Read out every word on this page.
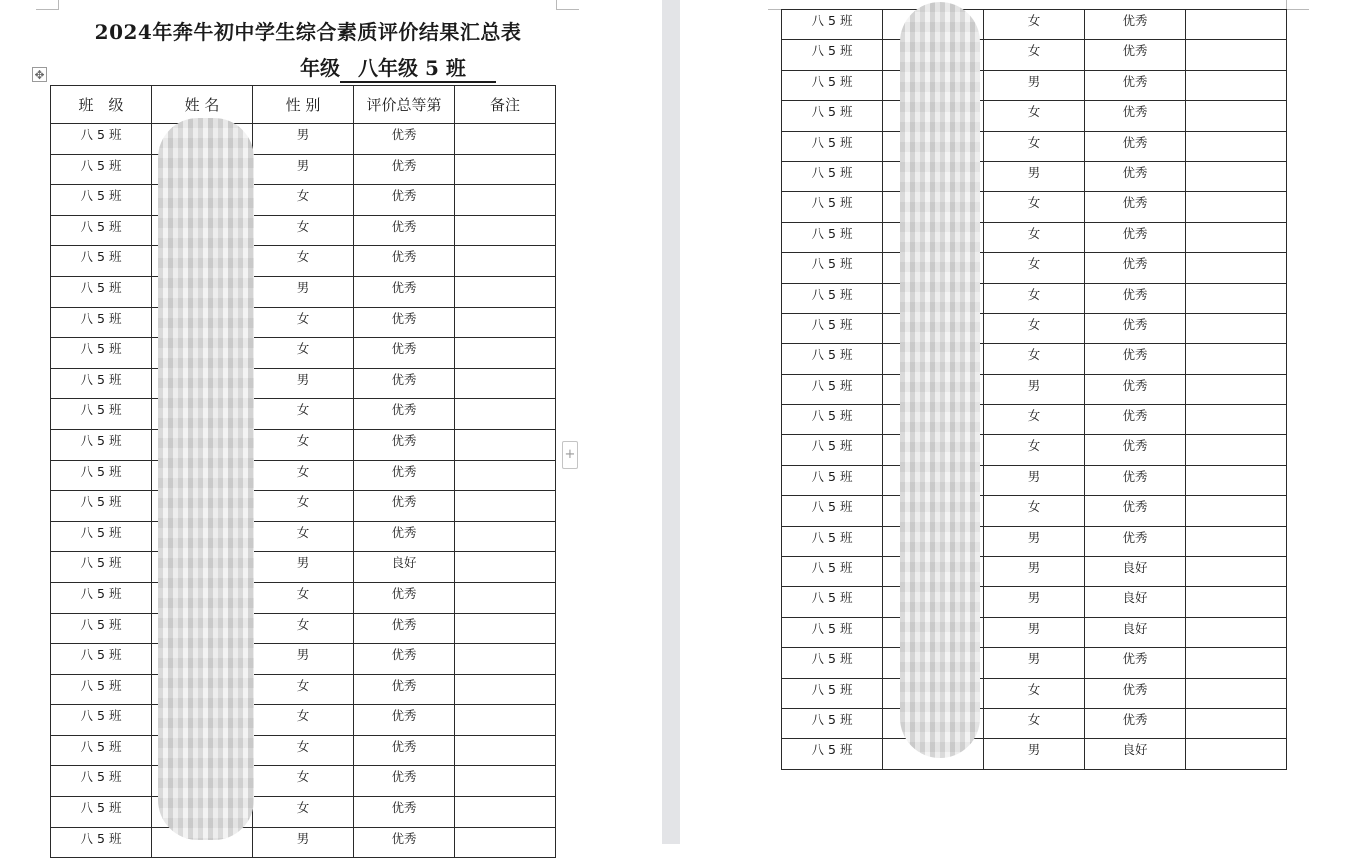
2024年奔牛初中学生综合素质评价结果汇总表
年级 八年级 5 班
✥
班　级	姓 名	性 别	评价总等第	备注
八 5 班		男	优秀	
八 5 班		男	优秀	
八 5 班		女	优秀	
八 5 班		女	优秀	
八 5 班		女	优秀	
八 5 班		男	优秀	
八 5 班		女	优秀	
八 5 班		女	优秀	
八 5 班		男	优秀	
八 5 班		女	优秀	
八 5 班		女	优秀	
八 5 班		女	优秀	
八 5 班		女	优秀	
八 5 班		女	优秀	
八 5 班		男	良好	
八 5 班		女	优秀	
八 5 班		女	优秀	
八 5 班		男	优秀	
八 5 班		女	优秀	
八 5 班		女	优秀	
八 5 班		女	优秀	
八 5 班		女	优秀	
八 5 班		女	优秀	
八 5 班		男	优秀	
+
八 5 班		女	优秀	
八 5 班		女	优秀	
八 5 班		男	优秀	
八 5 班		女	优秀	
八 5 班		女	优秀	
八 5 班		男	优秀	
八 5 班		女	优秀	
八 5 班		女	优秀	
八 5 班		女	优秀	
八 5 班		女	优秀	
八 5 班		女	优秀	
八 5 班		女	优秀	
八 5 班		男	优秀	
八 5 班		女	优秀	
八 5 班		女	优秀	
八 5 班		男	优秀	
八 5 班		女	优秀	
八 5 班		男	优秀	
八 5 班		男	良好	
八 5 班		男	良好	
八 5 班		男	良好	
八 5 班		男	优秀	
八 5 班		女	优秀	
八 5 班		女	优秀	
八 5 班		男	良好	
